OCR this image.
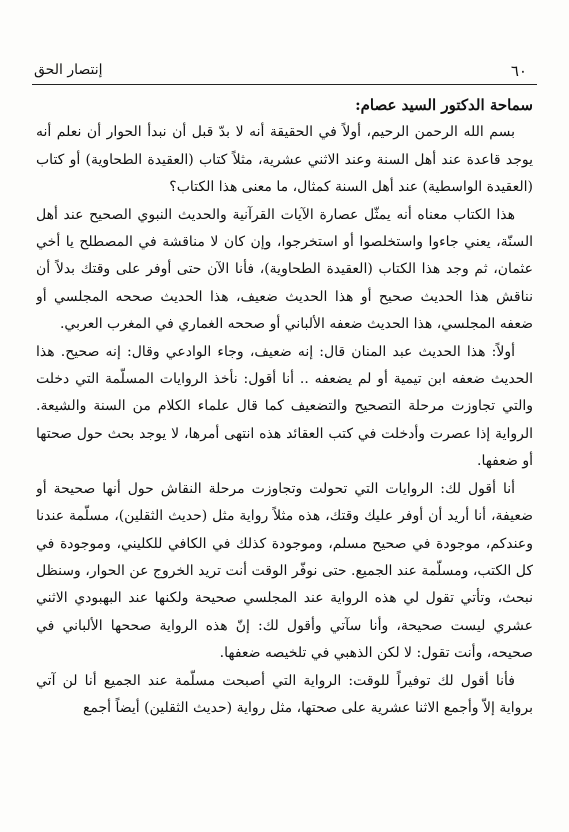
٦٠
إنتصار الحق

سماحة الدكتور السيد عصام:

بسم الله الرحمن الرحيم، أولاً في الحقيقة أنه لا بدّ قبل أن نبدأ الحوار أن نعلم أنه يوجد قاعدة عند أهل السنة وعند الاثني عشرية، مثلاً كتاب (العقيدة الطحاوية) أو كتاب (العقيدة الواسطية) عند أهل السنة كمثال، ما معنى هذا الكتاب؟

هذا الكتاب معناه أنه يمثّل عصارة الآيات القرآنية والحديث النبوي الصحيح عند أهل السنّة، يعني جاءوا واستخلصوا أو استخرجوا، وإن كان لا مناقشة في المصطلح يا أخي عثمان، ثم وجد هذا الكتاب (العقيدة الطحاوية)، فأنا الآن حتى أوفر على وقتك بدلاً أن نناقش هذا الحديث صحيح أو هذا الحديث ضعيف، هذا الحديث صححه المجلسي أو ضعفه المجلسي، هذا الحديث ضعفه الألباني أو صححه الغماري في المغرب العربي.

أولاً: هذا الحديث عبد المنان قال: إنه ضعيف، وجاء الوادعي وقال: إنه صحيح. هذا الحديث ضعفه ابن تيمية أو لم يضعفه .. أنا أقول: نأخذ الروايات المسلّمة التي دخلت والتي تجاوزت مرحلة التصحيح والتضعيف كما قال علماء الكلام من السنة والشيعة. الرواية إذا عصرت وأدخلت في كتب العقائد هذه انتهى أمرها، لا يوجد بحث حول صحتها أو ضعفها.

أنا أقول لك: الروايات التي تحولت وتجاوزت مرحلة النقاش حول أنها صحيحة أو ضعيفة، أنا أريد أن أوفر عليك وقتك، هذه مثلاً رواية مثل (حديث الثقلين)، مسلّمة عندنا وعندكم، موجودة في صحيح مسلم، وموجودة كذلك في الكافي للكليني، وموجودة في كل الكتب، ومسلّمة عند الجميع. حتى نوفّر الوقت أنت تريد الخروج عن الحوار، وسنظل نبحث، وتأتي تقول لي هذه الرواية عند المجلسي صحيحة ولكنها عند البهبودي الاثني عشري ليست صحيحة، وأنا سآتي وأقول لك: إنّ هذه الرواية صححها الألباني في صحيحه، وأنت تقول: لا لكن الذهبي في تلخيصه ضعفها.

فأنا أقول لك توفيراً للوقت: الرواية التي أصبحت مسلّمة عند الجميع أنا لن آتي برواية إلاّ وأجمع الاثنا عشرية على صحتها، مثل رواية (حديث الثقلين) أيضاً أجمع
